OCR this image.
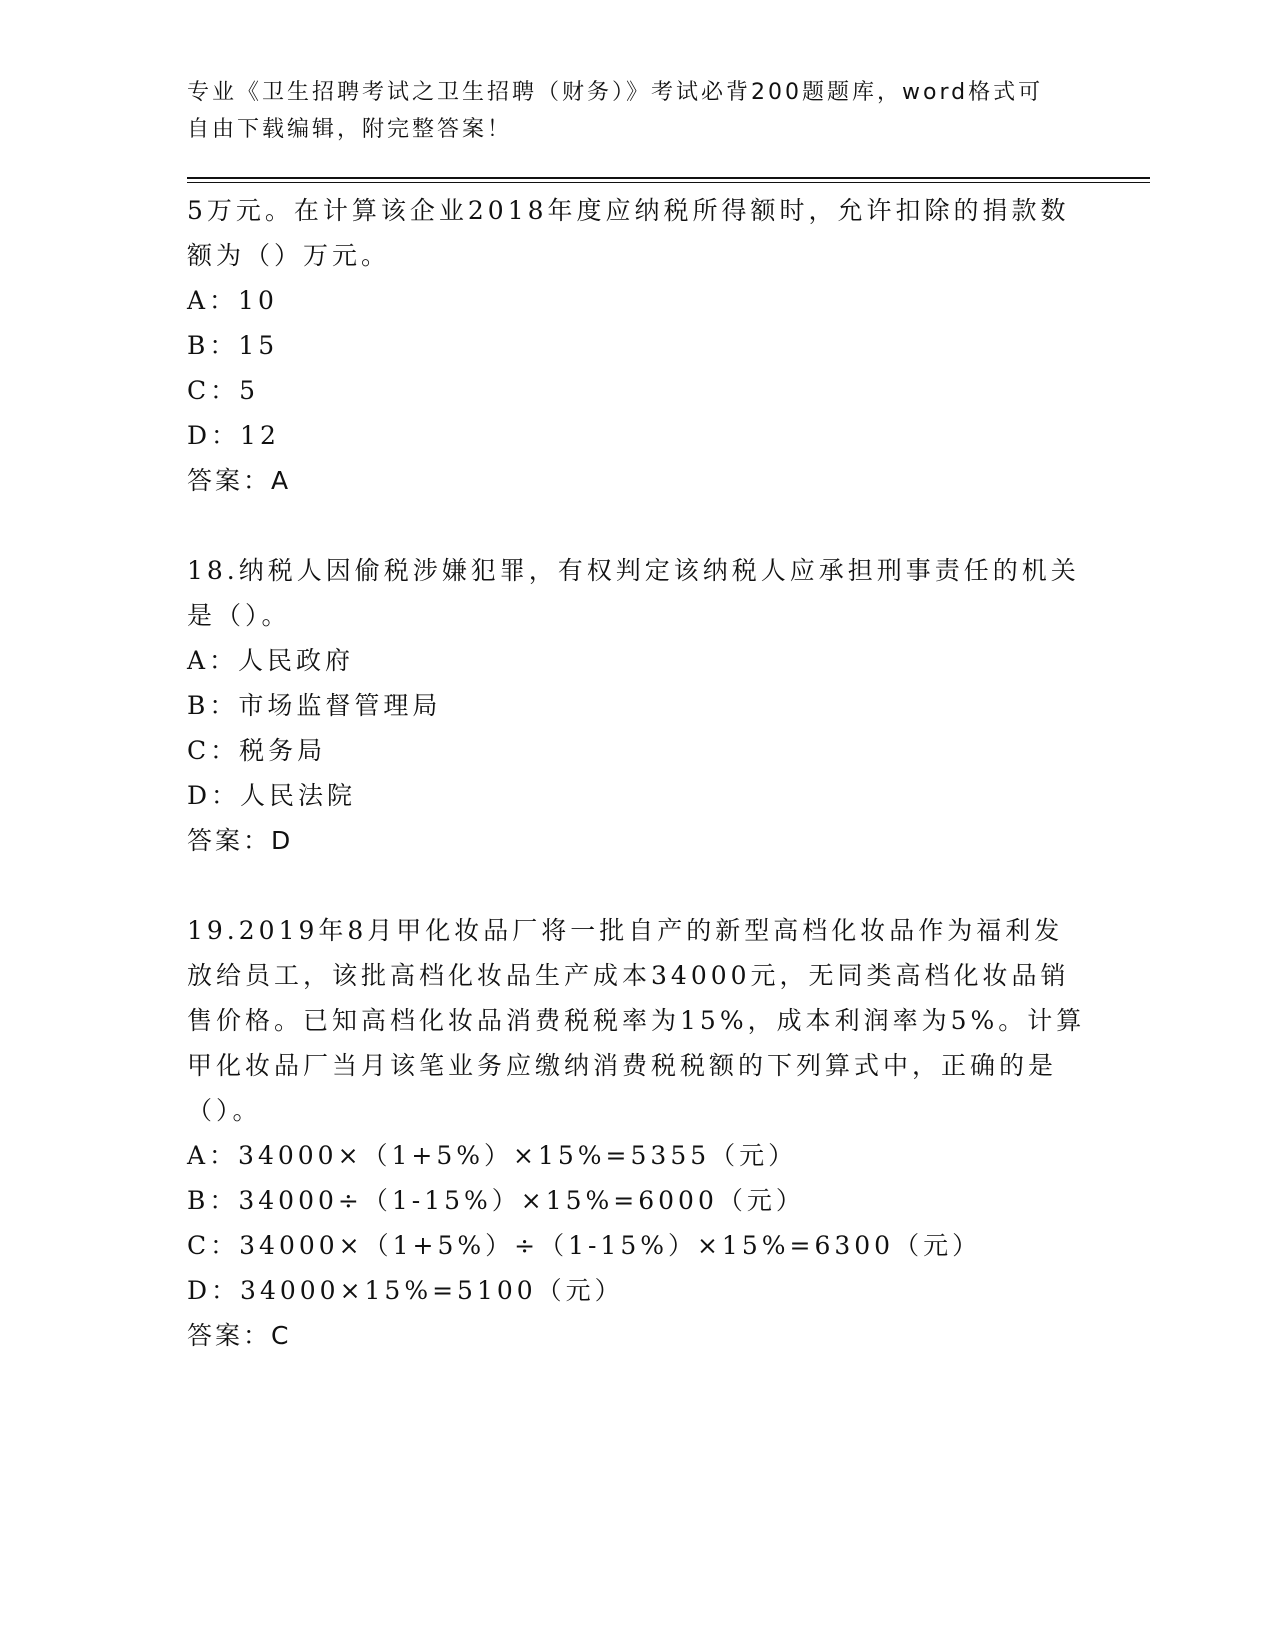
专业《卫生招聘考试之卫生招聘（财务）》考试必背200题题库，word格式可自由下载编辑，附完整答案！

5万元。在计算该企业2018年度应纳税所得额时，允许扣除的捐款数额为（）万元。

A：10

B：15

C：5

D：12

答案：A

18.纳税人因偷税涉嫌犯罪，有权判定该纳税人应承担刑事责任的机关是（）。

A：人民政府

B：市场监督管理局

C：税务局

D：人民法院

答案：D

19.2019年8月甲化妆品厂将一批自产的新型高档化妆品作为福利发放给员工，该批高档化妆品生产成本34000元，无同类高档化妆品销售价格。已知高档化妆品消费税税率为15%，成本利润率为5%。计算甲化妆品厂当月该笔业务应缴纳消费税税额的下列算式中，正确的是（）。

A：34000×（1+5%）×15%=5355（元）

B：34000÷（1-15%）×15%=6000（元）

C：34000×（1+5%）÷（1-15%）×15%=6300（元）

D：34000×15%=5100（元）

答案：C
